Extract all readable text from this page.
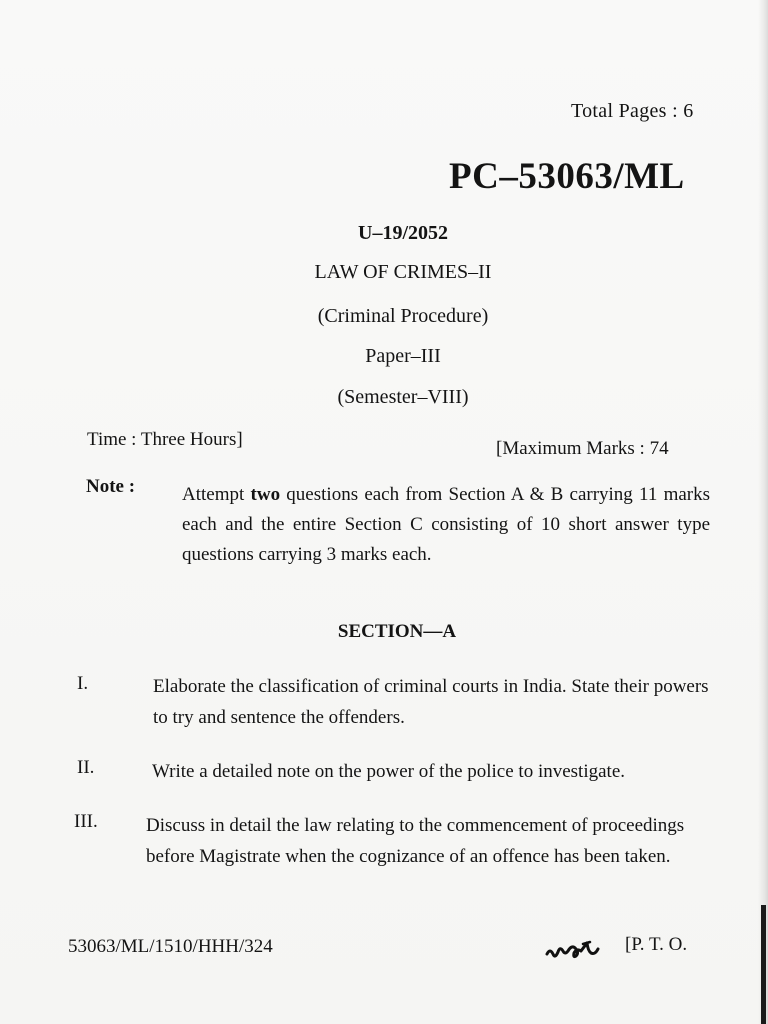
Total Pages : 6
PC–53063/ML
U–19/2052
LAW OF CRIMES–II
(Criminal Procedure)
Paper–III
(Semester–VIII)
Time : Three Hours]	[Maximum Marks : 74
Note : Attempt two questions each from Section A & B carrying 11 marks each and the entire Section C consisting of 10 short answer type questions carrying 3 marks each.
SECTION—A
I.	Elaborate the classification of criminal courts in India. State their powers to try and sentence the offenders.
II.	Write a detailed note on the power of the police to investigate.
III.	Discuss in detail the law relating to the commencement of proceedings before Magistrate when the cognizance of an offence has been taken.
53063/ML/1510/HHH/324	[P. T. O.
